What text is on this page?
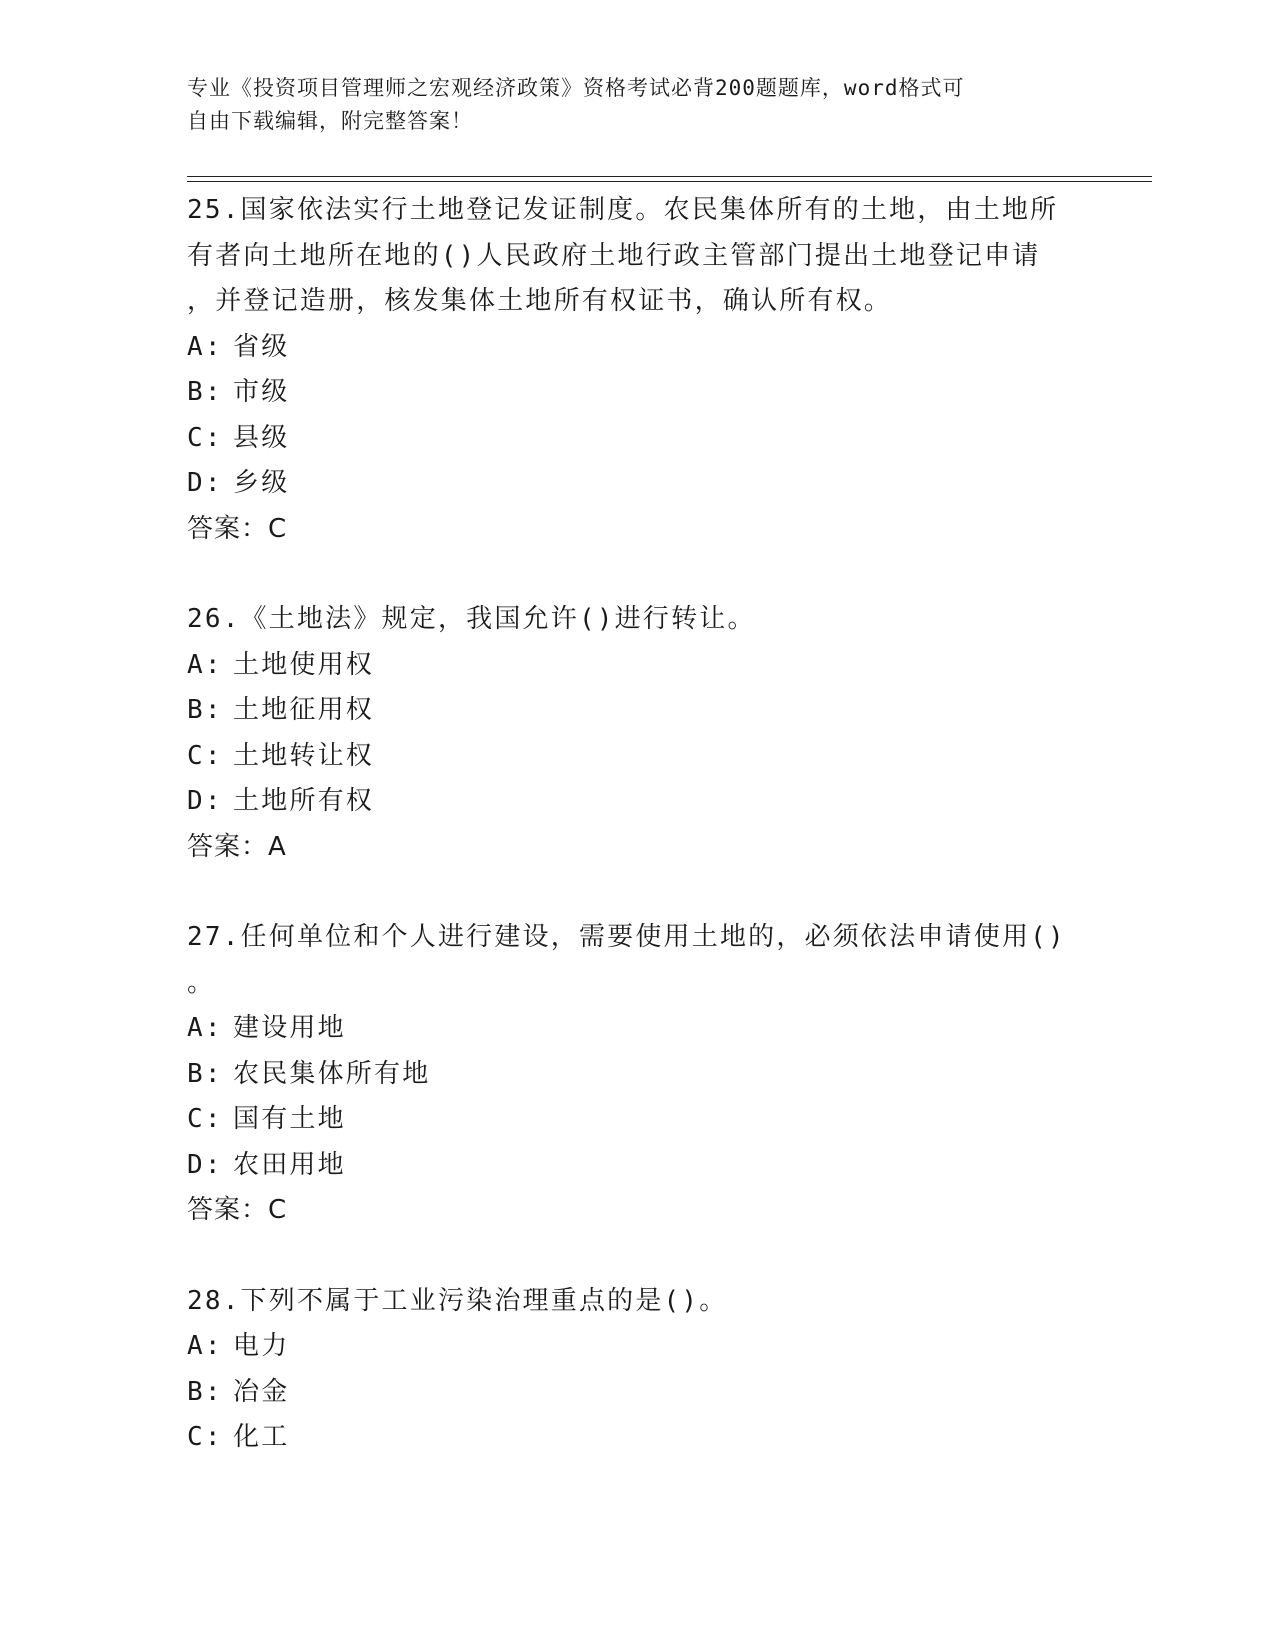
专业《投资项目管理师之宏观经济政策》资格考试必背200题题库，word格式可
自由下载编辑，附完整答案！
25.国家依法实行土地登记发证制度。农民集体所有的土地，由土地所
有者向土地所在地的()人民政府土地行政主管部门提出土地登记申请
，并登记造册，核发集体土地所有权证书，确认所有权。
A: 省级
B: 市级
C: 县级
D: 乡级
答案：C
26.《土地法》规定，我国允许()进行转让。
A: 土地使用权
B: 土地征用权
C: 土地转让权
D: 土地所有权
答案：A
27.任何单位和个人进行建设，需要使用土地的，必须依法申请使用()
。
A: 建设用地
B: 农民集体所有地
C: 国有土地
D: 农田用地
答案：C
28.下列不属于工业污染治理重点的是()。
A: 电力
B: 冶金
C: 化工
